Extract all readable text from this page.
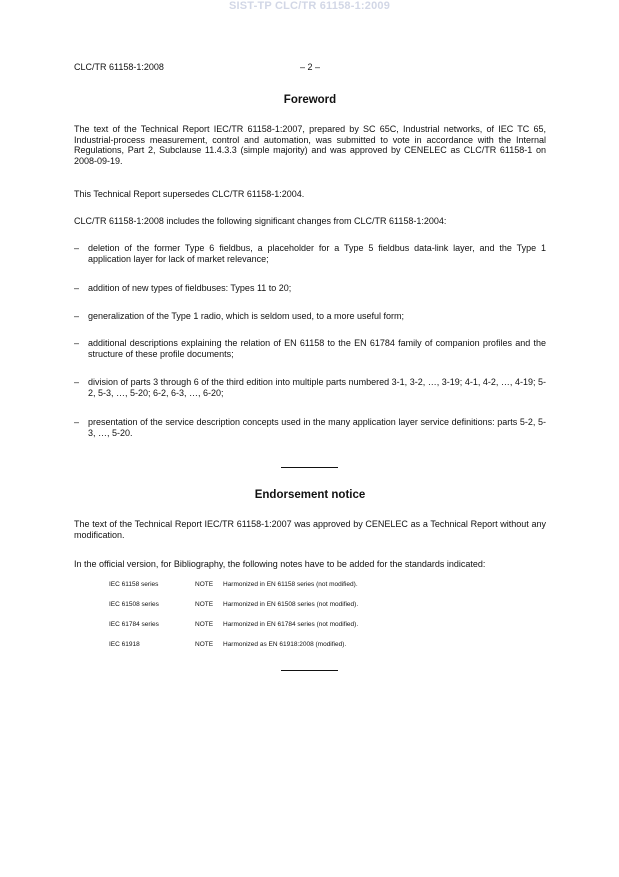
SIST-TP CLC/TR 61158-1:2009
CLC/TR 61158-1:2008	– 2 –
Foreword
The text of the Technical Report IEC/TR 61158-1:2007, prepared by SC 65C, Industrial networks, of IEC TC 65, Industrial-process measurement, control and automation, was submitted to vote in accordance with the Internal Regulations, Part 2, Subclause 11.4.3.3 (simple majority) and was approved by CENELEC as CLC/TR 61158-1 on 2008-09-19.
This Technical Report supersedes CLC/TR 61158-1:2004.
CLC/TR 61158-1:2008 includes the following significant changes from CLC/TR 61158-1:2004:
– deletion of the former Type 6 fieldbus, a placeholder for a Type 5 fieldbus data-link layer, and the Type 1 application layer for lack of market relevance;
– addition of new types of fieldbuses: Types 11 to 20;
– generalization of the Type 1 radio, which is seldom used, to a more useful form;
– additional descriptions explaining the relation of EN 61158 to the EN 61784 family of companion profiles and the structure of these profile documents;
– division of parts 3 through 6 of the third edition into multiple parts numbered 3-1, 3-2, …, 3-19; 4-1, 4-2, …, 4-19; 5-2, 5-3, …, 5-20; 6-2, 6-3, …, 6-20;
– presentation of the service description concepts used in the many application layer service definitions: parts 5-2, 5-3, …, 5-20.
Endorsement notice
The text of the Technical Report IEC/TR 61158-1:2007 was approved by CENELEC as a Technical Report without any modification.
In the official version, for Bibliography, the following notes have to be added for the standards indicated:
IEC 61158 series	NOTE Harmonized in EN 61158 series (not modified).
IEC 61508 series	NOTE Harmonized in EN 61508 series (not modified).
IEC 61784 series	NOTE Harmonized in EN 61784 series (not modified).
IEC 61918	NOTE Harmonized as EN 61918:2008 (modified).
